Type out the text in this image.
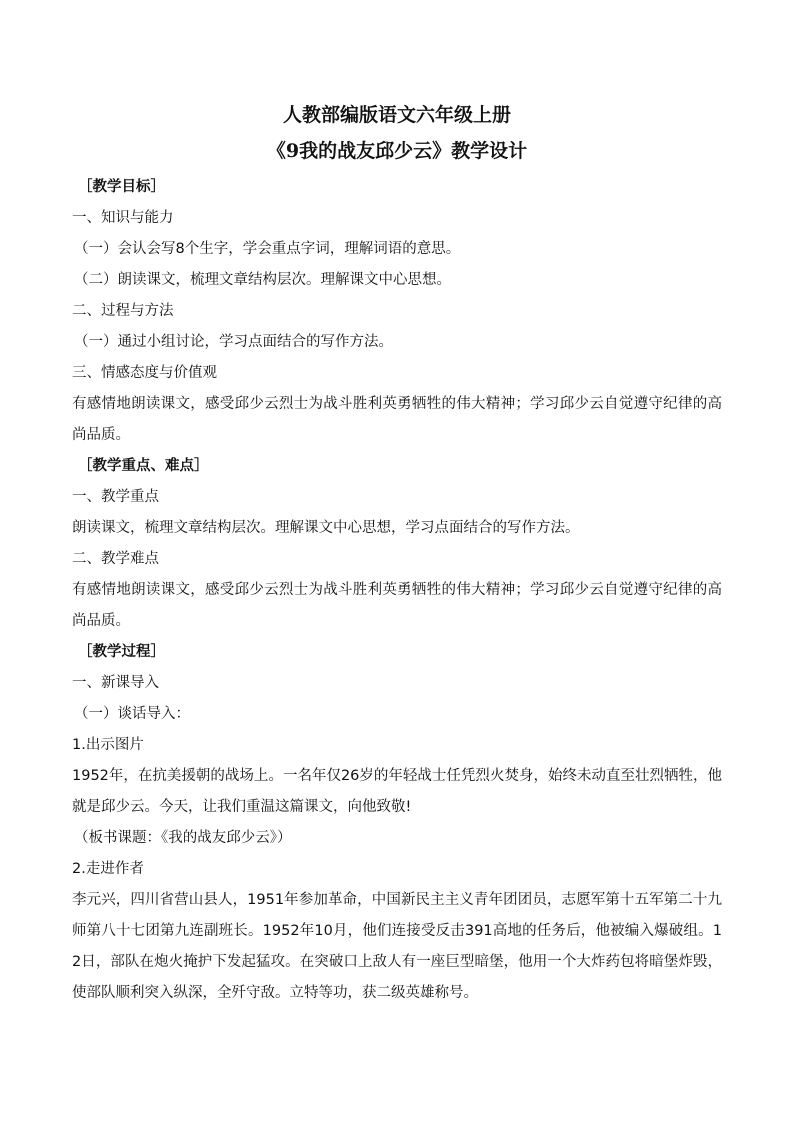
人教部编版语文六年级上册
《9我的战友邱少云》教学设计

［教学目标］

一、知识与能力

（一）会认会写8个生字，学会重点字词，理解词语的意思。

（二）朗读课文，梳理文章结构层次。理解课文中心思想。

二、过程与方法

（一）通过小组讨论，学习点面结合的写作方法。

三、情感态度与价值观

有感情地朗读课文，感受邱少云烈士为战斗胜利英勇牺牲的伟大精神；学习邱少云自觉遵守纪律的高尚品质。

［教学重点、难点］

一、教学重点

朗读课文，梳理文章结构层次。理解课文中心思想，学习点面结合的写作方法。

二、教学难点

有感情地朗读课文，感受邱少云烈士为战斗胜利英勇牺牲的伟大精神；学习邱少云自觉遵守纪律的高尚品质。

［教学过程］

一、新课导入

（一）谈话导入：

1.出示图片

1952年，在抗美援朝的战场上。一名年仅26岁的年轻战士任凭烈火焚身，始终未动直至壮烈牺牲，他就是邱少云。今天，让我们重温这篇课文，向他致敬!

（板书课题：《我的战友邱少云》）

2.走进作者

李元兴，四川省营山县人，1951年参加革命，中国新民主主义青年团团员，志愿军第十五军第二十九师第八十七团第九连副班长。1952年10月，他们连接受反击391高地的任务后，他被编入爆破组。12日，部队在炮火掩护下发起猛攻。在突破口上敌人有一座巨型暗堡，他用一个大炸药包将暗堡炸毁，使部队顺利突入纵深，全歼守敌。立特等功，获二级英雄称号。
